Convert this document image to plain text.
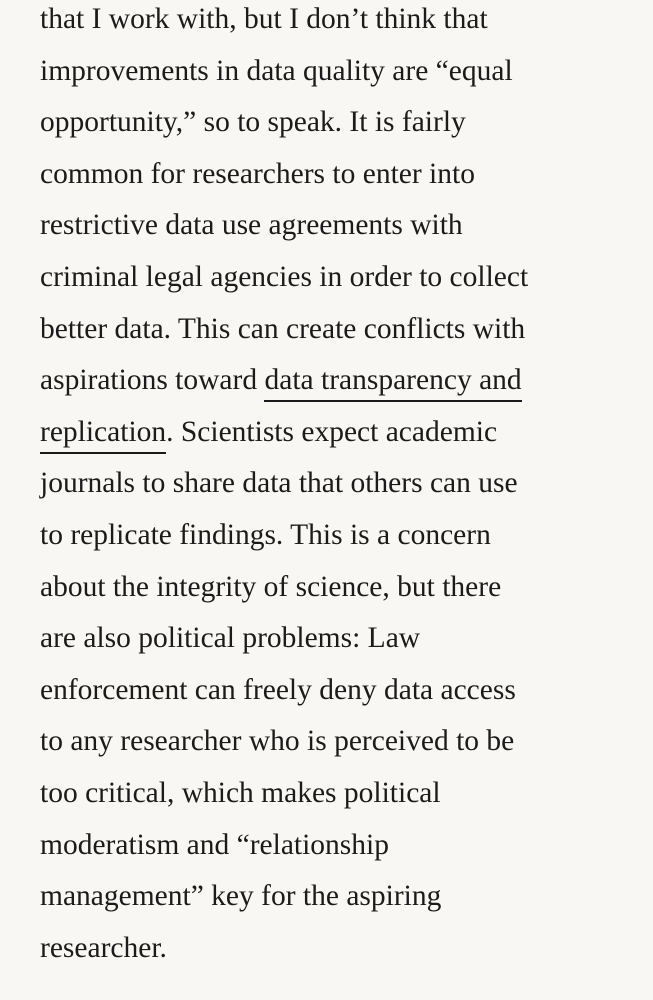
that I work with, but I don’t think that
improvements in data quality are “equal
opportunity,” so to speak. It is fairly
common for researchers to enter into
restrictive data use agreements with
criminal legal agencies in order to collect
better data. This can create conflicts with
aspirations toward data transparency and
replication. Scientists expect academic
journals to share data that others can use
to replicate findings. This is a concern
about the integrity of science, but there
are also political problems: Law
enforcement can freely deny data access
to any researcher who is perceived to be
too critical, which makes political
moderatism and “relationship
management” key for the aspiring
researcher.
